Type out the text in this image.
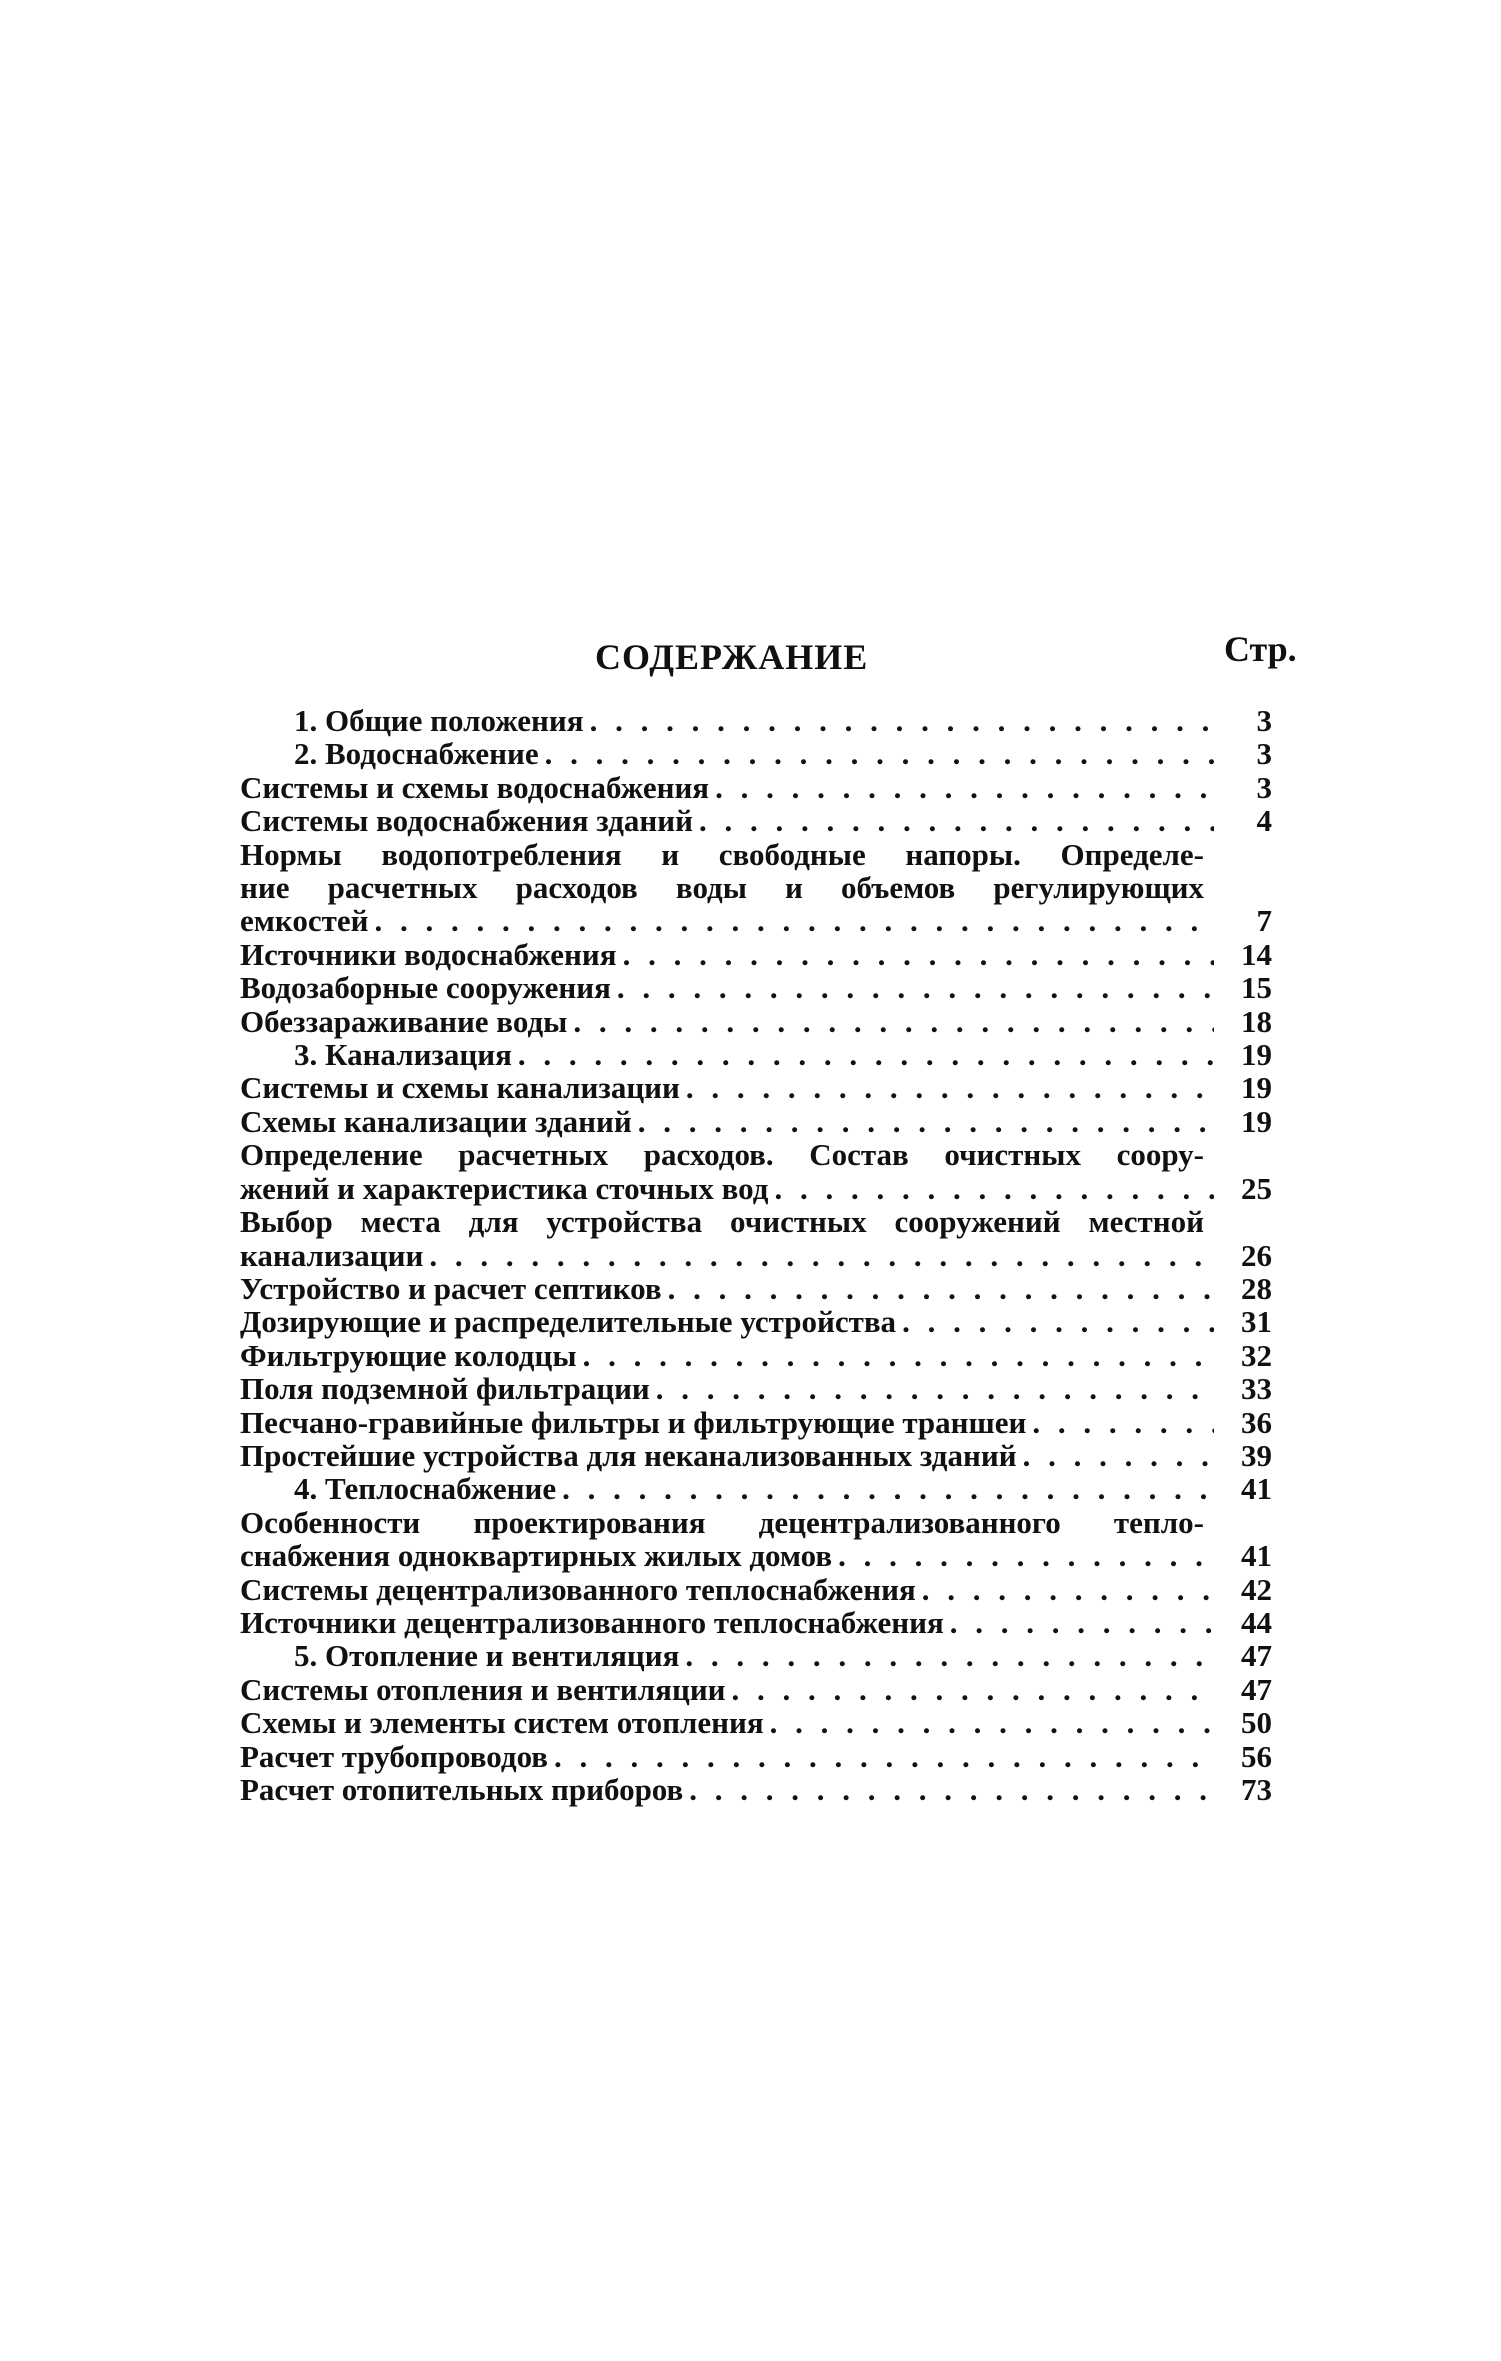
СОДЕРЖАНИЕ	Стр.
1. Общие положения . . .	3
2. Водоснабжение . . .	3
Системы и схемы водоснабжения . . .	3
Системы водоснабжения зданий . . .	4
Нормы водопотребления и свободные напоры. Определе-
ние расчетных расходов воды и объемов регулирующих
емкостей . . .	7
Источники водоснабжения . . .	14
Водозаборные сооружения . . .	15
Обеззараживание воды . . .	18
3. Канализация . . .	19
Системы и схемы канализации . . .	19
Схемы канализации зданий . . .	19
Определение расчетных расходов. Состав очистных соору-
жений и характеристика сточных вод . . .	25
Выбор места для устройства очистных сооружений местной
канализации . . .	26
Устройство и расчет септиков . . .	28
Дозирующие и распределительные устройства . . .	31
Фильтрующие колодцы . . .	32
Поля подземной фильтрации . . .	33
Песчано-гравийные фильтры и фильтрующие траншеи . . .	36
Простейшие устройства для неканализованных зданий . . .	39
4. Теплоснабжение . . .	41
Особенности проектирования децентрализованного тепло-
снабжения одноквартирных жилых домов . . .	41
Системы децентрализованного теплоснабжения . . .	42
Источники децентрализованного теплоснабжения . . .	44
5. Отопление и вентиляция . . .	47
Системы отопления и вентиляции . . .	47
Схемы и элементы систем отопления . . .	50
Расчет трубопроводов . . .	56
Расчет отопительных приборов . . .	73
